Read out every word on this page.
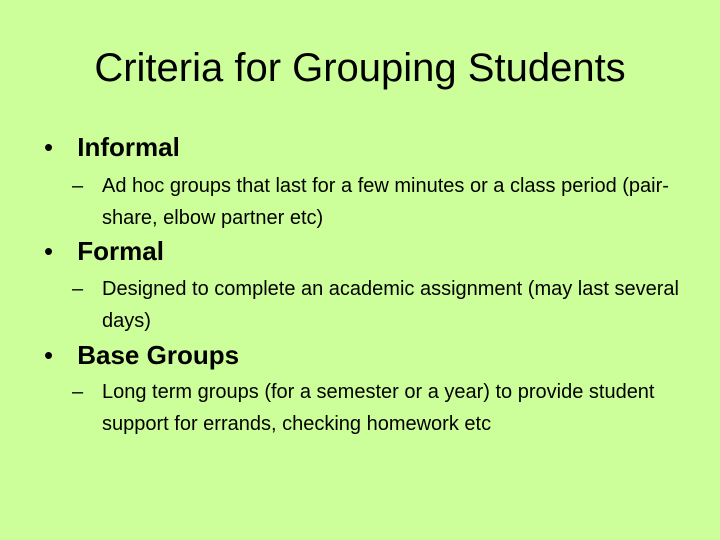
Criteria for Grouping Students
• Informal
– Ad hoc groups that last for a few minutes or a class period (pair-share, elbow partner etc)
• Formal
– Designed to complete an academic assignment (may last several days)
• Base Groups
– Long term groups (for a semester or a year) to provide student support for errands, checking homework etc
